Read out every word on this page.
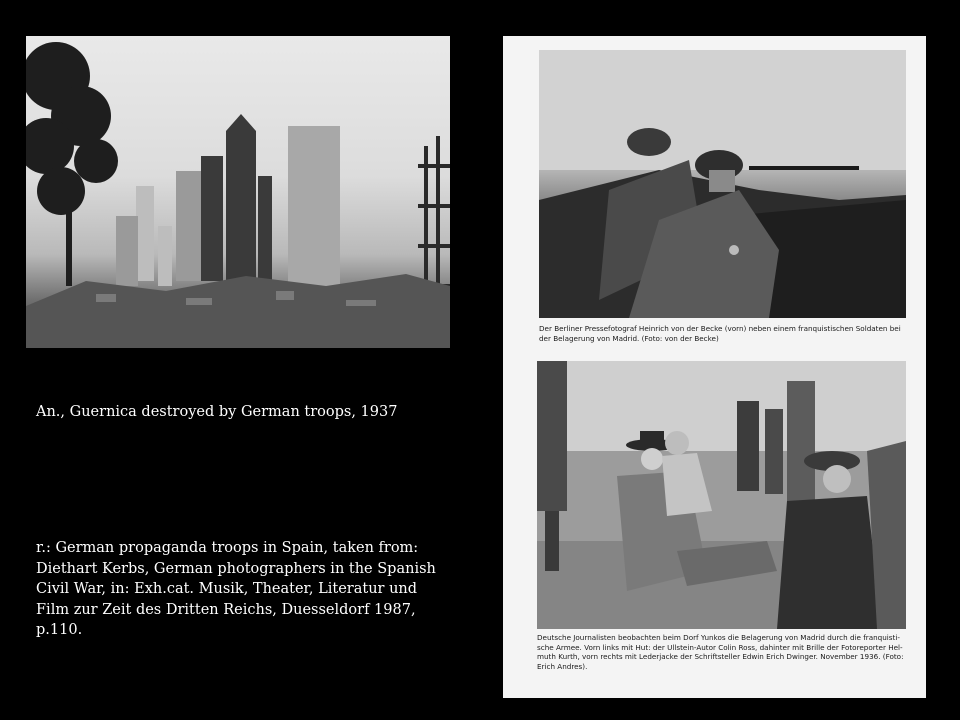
An., Guernica destroyed by German troops, 1937
r.: German propaganda troops in Spain, taken from:
Diethart Kerbs, German photographers in the Spanish
Civil War, in: Exh.cat. Musik, Theater, Literatur und
Film zur Zeit des Dritten Reichs, Duesseldorf 1987,
p.110.
Der Berliner Pressefotograf Heinrich von der Becke (vorn) neben einem franquistischen Soldaten bei
der Belagerung von Madrid. (Foto: von der Becke)
Deutsche Journalisten beobachten beim Dorf Yunkos die Belagerung von Madrid durch die franquisti-
sche Armee. Vorn links mit Hut: der Ullstein-Autor Colin Ross, dahinter mit Brille der Fotoreporter Hel-
muth Kurth, vorn rechts mit Lederjacke der Schriftsteller Edwin Erich Dwinger. November 1936. (Foto:
Erich Andres).
